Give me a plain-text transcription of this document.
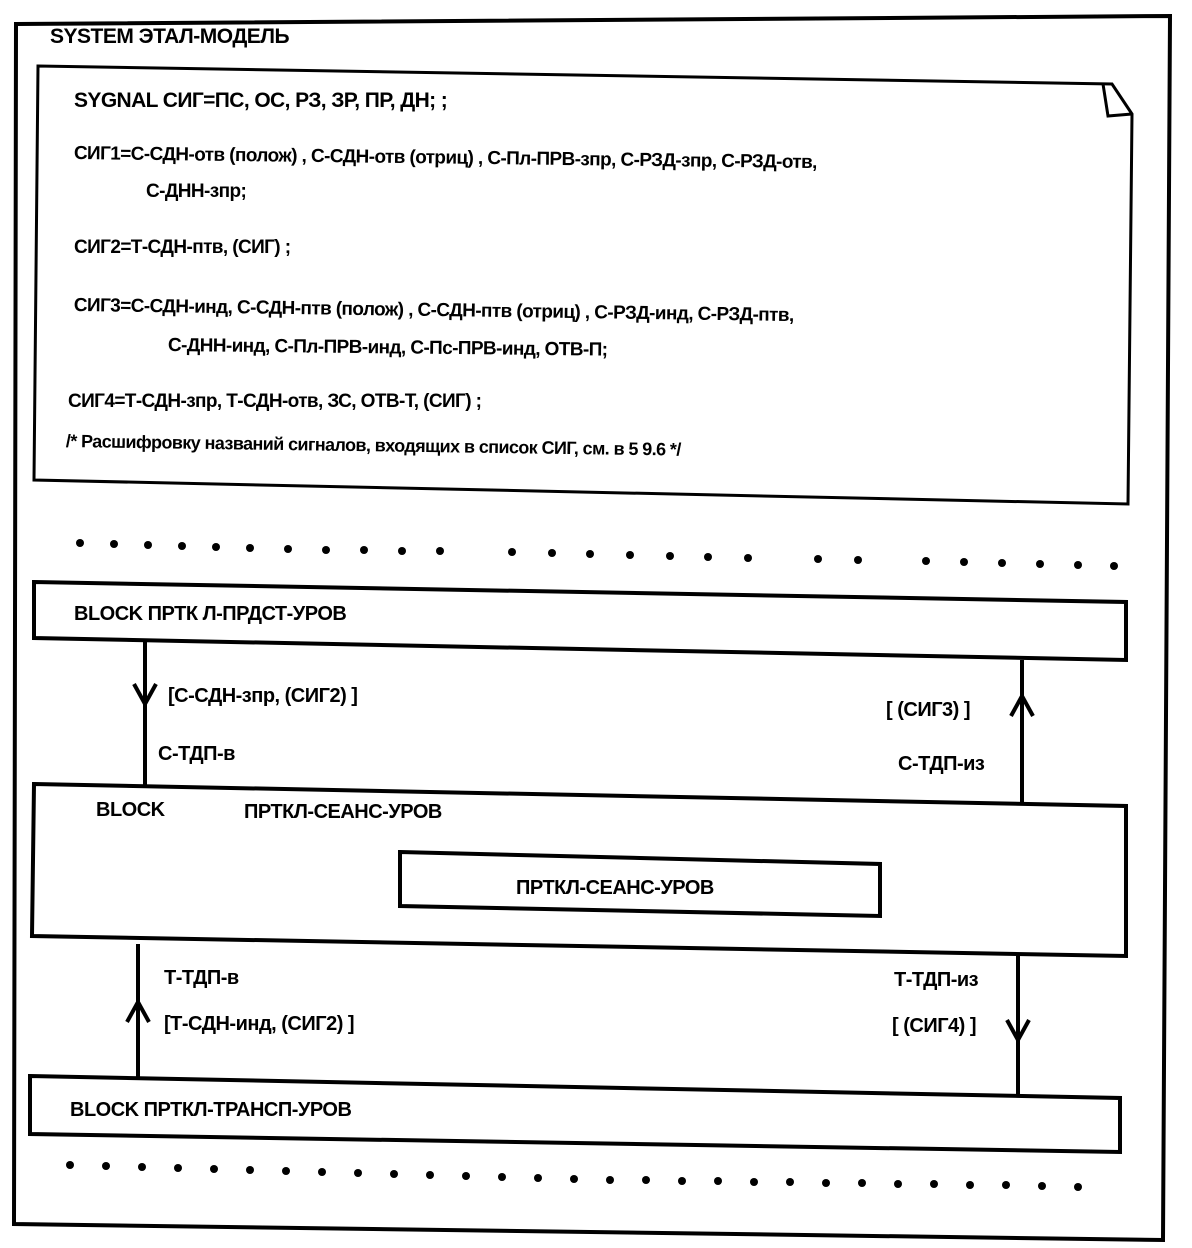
SYSTEM ЭТАЛ-МОДЕЛЬ
SYGNAL СИГ=ПС, ОС, РЗ, ЗР, ПР, ДН; ;
СИГ1=С-СДН-отв (полож) , С-СДН-отв (отриц) , С-Пл-ПРВ-зпр, С-РЗД-зпр, С-РЗД-отв,
С-ДНН-зпр;
СИГ2=Т-СДН-птв, (СИГ) ;
СИГ3=С-СДН-инд, С-СДН-птв (полож) , С-СДН-птв (отриц) , С-РЗД-инд, С-РЗД-птв,
С-ДНН-инд, С-Пл-ПРВ-инд, С-Пс-ПРВ-инд, ОТВ-П;
СИГ4=Т-СДН-зпр, Т-СДН-отв, ЗС, ОТВ-Т, (СИГ) ;
/* Расшифровку названий сигналов, входящих в список СИГ, см. в 5 9.6 */
BLOCK ПРТК Л-ПРДСТ-УРОВ
BLOCK	ПРТКЛ-СЕАНС-УРОВ
ПРТКЛ-СЕАНС-УРОВ
BLOCK ПРТКЛ-ТРАНСП-УРОВ
[С-СДН-зпр, (СИГ2) ]
С-ТДП-в
[ (СИГ3) ]
С-ТДП-из
Т-ТДП-в
[Т-СДН-инд, (СИГ2) ]
Т-ТДП-из
[ (СИГ4) ]
